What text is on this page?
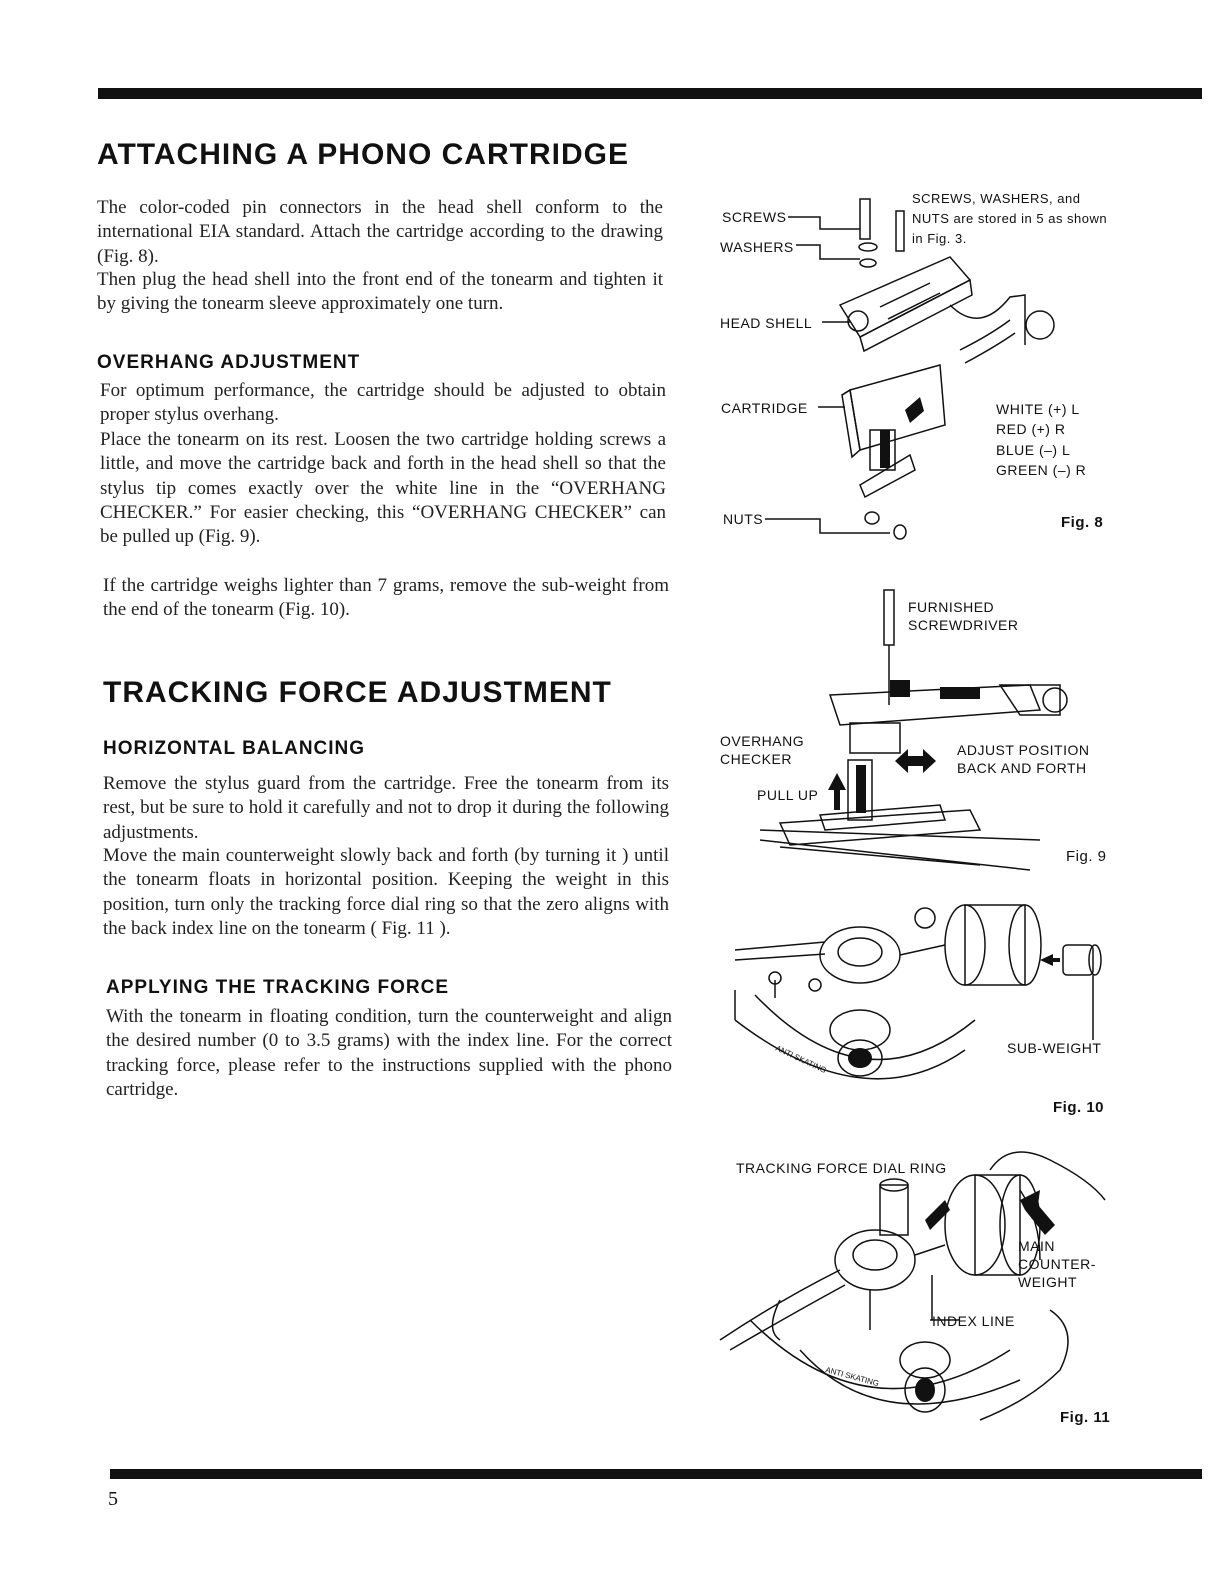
ATTACHING A PHONO CARTRIDGE

The color-coded pin connectors in the head shell conform to the international EIA standard. Attach the cartridge according to the drawing (Fig. 8).

Then plug the head shell into the front end of the tonearm and tighten it by giving the tonearm sleeve approximately one turn.

OVERHANG ADJUSTMENT

For optimum performance, the cartridge should be adjusted to obtain proper stylus overhang.

Place the tonearm on its rest. Loosen the two cartridge holding screws a little, and move the cartridge back and forth in the head shell so that the stylus tip comes exactly over the white line in the “OVERHANG CHECKER.” For easier checking, this “OVERHANG CHECKER” can be pulled up (Fig. 9).

If the cartridge weighs lighter than 7 grams, remove the sub-weight from the end of the tonearm (Fig. 10).

TRACKING FORCE ADJUSTMENT
HORIZONTAL BALANCING

Remove the stylus guard from the cartridge. Free the tonearm from its rest, but be sure to hold it carefully and not to drop it during the following adjustments.

Move the main counterweight slowly back and forth (by turning it ) until the tonearm floats in horizontal position. Keeping the weight in this position, turn only the tracking force dial ring so that the zero aligns with the back index line on the tonearm ( Fig. 11 ).

APPLYING THE TRACKING FORCE

With the tonearm in floating condition, turn the counterweight and align the desired number (0 to 3.5 grams) with the index line. For the correct tracking force, please refer to the instructions supplied with the phono cartridge.

5
SCREWS
WASHERS
HEAD SHELL
CARTRIDGE
NUTS
SCREWS, WASHERS, and NUTS are stored in 5 as shown in Fig. 3.
WHITE (+) L
RED (+) R
BLUE (–) L
GREEN (–) R
Fig. 8
FURNISHED SCREWDRIVER
OVERHANG CHECKER
PULL UP
ADJUST POSITION BACK AND FORTH
Fig. 9
ANTI SKATING	SUB-WEIGHT
Fig. 10
ANTI SKATING
TRACKING FORCE DIAL RING
MAIN COUNTER-WEIGHT
INDEX LINE
Fig. 11
